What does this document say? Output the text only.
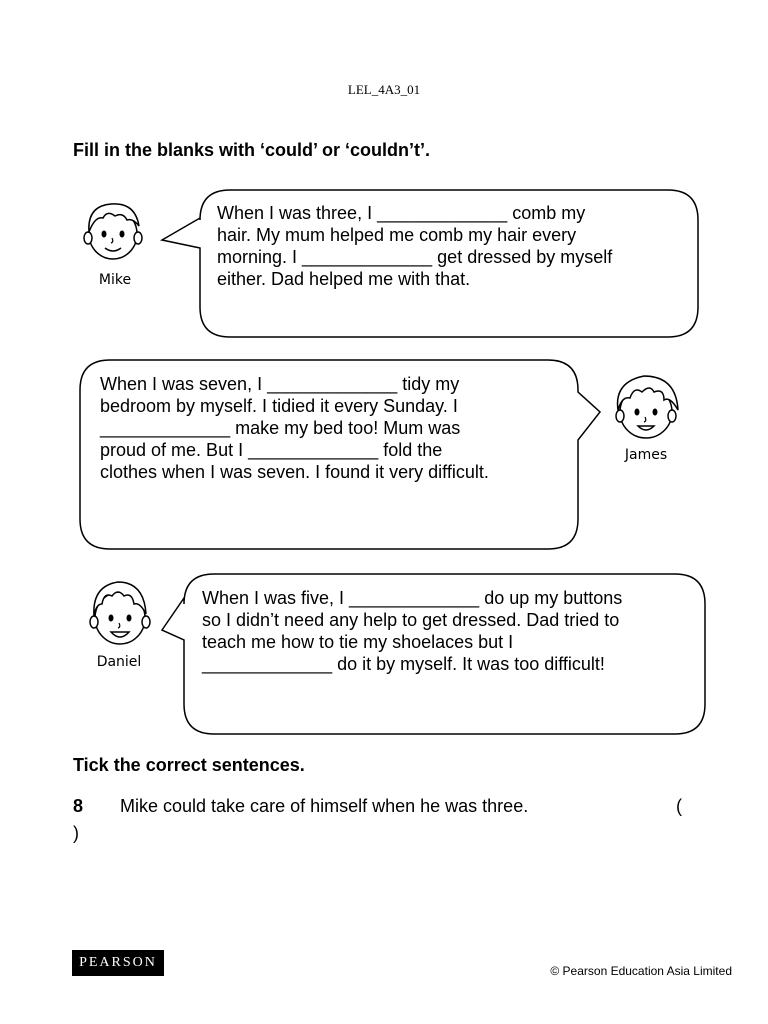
LEL_4A3_01
Fill in the blanks with ‘could’ or ‘couldn’t’.
Mike
James
Daniel
When I was three, I _____________ comb my
hair. My mum helped me comb my hair every
morning. I _____________ get dressed by myself
either. Dad helped me with that.
When I was seven, I _____________ tidy my
bedroom by myself. I tidied it every Sunday. I
_____________ make my bed too! Mum was
proud of me. But I _____________ fold the
clothes when I was seven. I found it very difficult.
When I was five, I _____________ do up my buttons
so I didn’t need any help to get dressed. Dad tried to
teach me how to tie my shoelaces but I
_____________ do it by myself. It was too difficult!
Tick the correct sentences.
8 Mike could take care of himself when he was three.	(
)
PEARSON
© Pearson Education Asia Limited
